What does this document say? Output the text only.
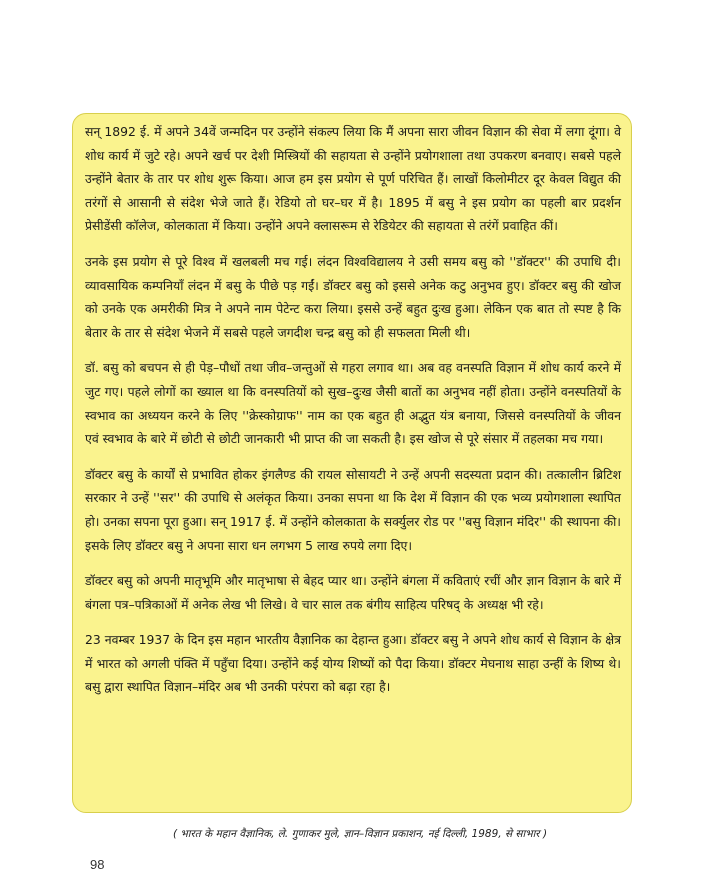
सन् 1892 ई. में अपने 34वें जन्मदिन पर उन्होंने संकल्प लिया कि मैं अपना सारा जीवन विज्ञान की सेवा में लगा दूंगा। वे शोध कार्य में जुटे रहे। अपने खर्च पर देशी मिस्त्रियों की सहायता से उन्होंने प्रयोगशाला तथा उपकरण बनवाए। सबसे पहले उन्होंने बेतार के तार पर शोध शुरू किया। आज हम इस प्रयोग से पूर्ण परिचित हैं। लाखों किलोमीटर दूर केवल विद्युत की तरंगों से आसानी से संदेश भेजे जाते हैं। रेडियो तो घर–घर में है। 1895 में बसु ने इस प्रयोग का पहली बार प्रदर्शन प्रेसीडेंसी कॉलेज, कोलकाता में किया। उन्होंने अपने क्लासरूम से रेडियेटर की सहायता से तरंगें प्रवाहित कीं।

उनके इस प्रयोग से पूरे विश्व में खलबली मच गई। लंदन विश्वविद्यालय ने उसी समय बसु को ''डॉक्टर'' की उपाधि दी। व्यावसायिक कम्पनियाँ लंदन में बसु के पीछे पड़ गईं। डॉक्टर बसु को इससे अनेक कटु अनुभव हुए। डॉक्टर बसु की खोज को उनके एक अमरीकी मित्र ने अपने नाम पेटेन्ट करा लिया। इससे उन्हें बहुत दुःख हुआ। लेकिन एक बात तो स्पष्ट है कि बेतार के तार से संदेश भेजने में सबसे पहले जगदीश चन्द्र बसु को ही सफलता मिली थी।

डॉ. बसु को बचपन से ही पेड़–पौधों तथा जीव–जन्तुओं से गहरा लगाव था। अब वह वनस्पति विज्ञान में शोध कार्य करने में जुट गए। पहले लोगों का ख्याल था कि वनस्पतियों को सुख–दुःख जैसी बातों का अनुभव नहीं होता। उन्होंने वनस्पतियों के स्वभाव का अध्ययन करने के लिए ''क्रेस्कोग्राफ'' नाम का एक बहुत ही अद्भुत यंत्र बनाया, जिससे वनस्पतियों के जीवन एवं स्वभाव के बारे में छोटी से छोटी जानकारी भी प्राप्त की जा सकती है। इस खोज से पूरे संसार में तहलका मच गया।

डॉक्टर बसु के कार्यों से प्रभावित होकर इंगलैण्ड की रायल सोसायटी ने उन्हें अपनी सदस्यता प्रदान की। तत्कालीन ब्रिटिश सरकार ने उन्हें ''सर'' की उपाधि से अलंकृत किया। उनका सपना था कि देश में विज्ञान की एक भव्य प्रयोगशाला स्थापित हो। उनका सपना पूरा हुआ। सन् 1917 ई. में उन्होंने कोलकाता के सर्क्युलर रोड पर ''बसु विज्ञान मंदिर'' की स्थापना की। इसके लिए डॉक्टर बसु ने अपना सारा धन लगभग 5 लाख रुपये लगा दिए।

डॉक्टर बसु को अपनी मातृभूमि और मातृभाषा से बेहद प्यार था। उन्होंने बंगला में कविताएं रचीं और ज्ञान विज्ञान के बारे में बंगला पत्र–पत्रिकाओं में अनेक लेख भी लिखे। वे चार साल तक बंगीय साहित्य परिषद् के अध्यक्ष भी रहे।

23 नवम्बर 1937 के दिन इस महान भारतीय वैज्ञानिक का देहान्त हुआ। डॉक्टर बसु ने अपने शोध कार्य से विज्ञान के क्षेत्र में भारत को अगली पंक्ति में पहुँचा दिया। उन्होंने कई योग्य शिष्यों को पैदा किया। डॉक्टर मेघनाथ साहा उन्हीं के शिष्य थे। बसु द्वारा स्थापित विज्ञान–मंदिर अब भी उनकी परंपरा को बढ़ा रहा है।

( भारत के महान वैज्ञानिक, ले. गुणाकर मुले, ज्ञान–विज्ञान प्रकाशन, नई दिल्ली, 1989, से साभार )
98
